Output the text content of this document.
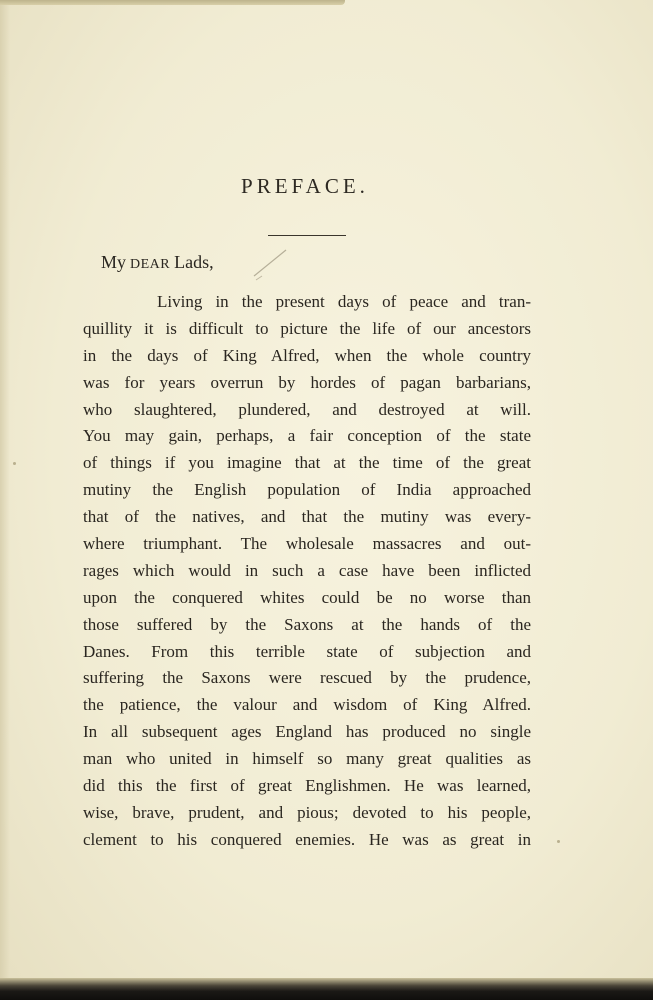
PREFACE.

My DEAR Lads,

Living in the present days of peace and tran-
quillity it is difficult to picture the life of our ancestors
in the days of King Alfred, when the whole country
was for years overrun by hordes of pagan barbarians,
who slaughtered, plundered, and destroyed at will.
You may gain, perhaps, a fair conception of the state
of things if you imagine that at the time of the great
mutiny the English population of India approached
that of the natives, and that the mutiny was every-
where triumphant. The wholesale massacres and out-
rages which would in such a case have been inflicted
upon the conquered whites could be no worse than
those suffered by the Saxons at the hands of the
Danes. From this terrible state of subjection and
suffering the Saxons were rescued by the prudence,
the patience, the valour and wisdom of King Alfred.
In all subsequent ages England has produced no single
man who united in himself so many great qualities as
did this the first of great Englishmen. He was learned,
wise, brave, prudent, and pious; devoted to his people,
clement to his conquered enemies. He was as great in
